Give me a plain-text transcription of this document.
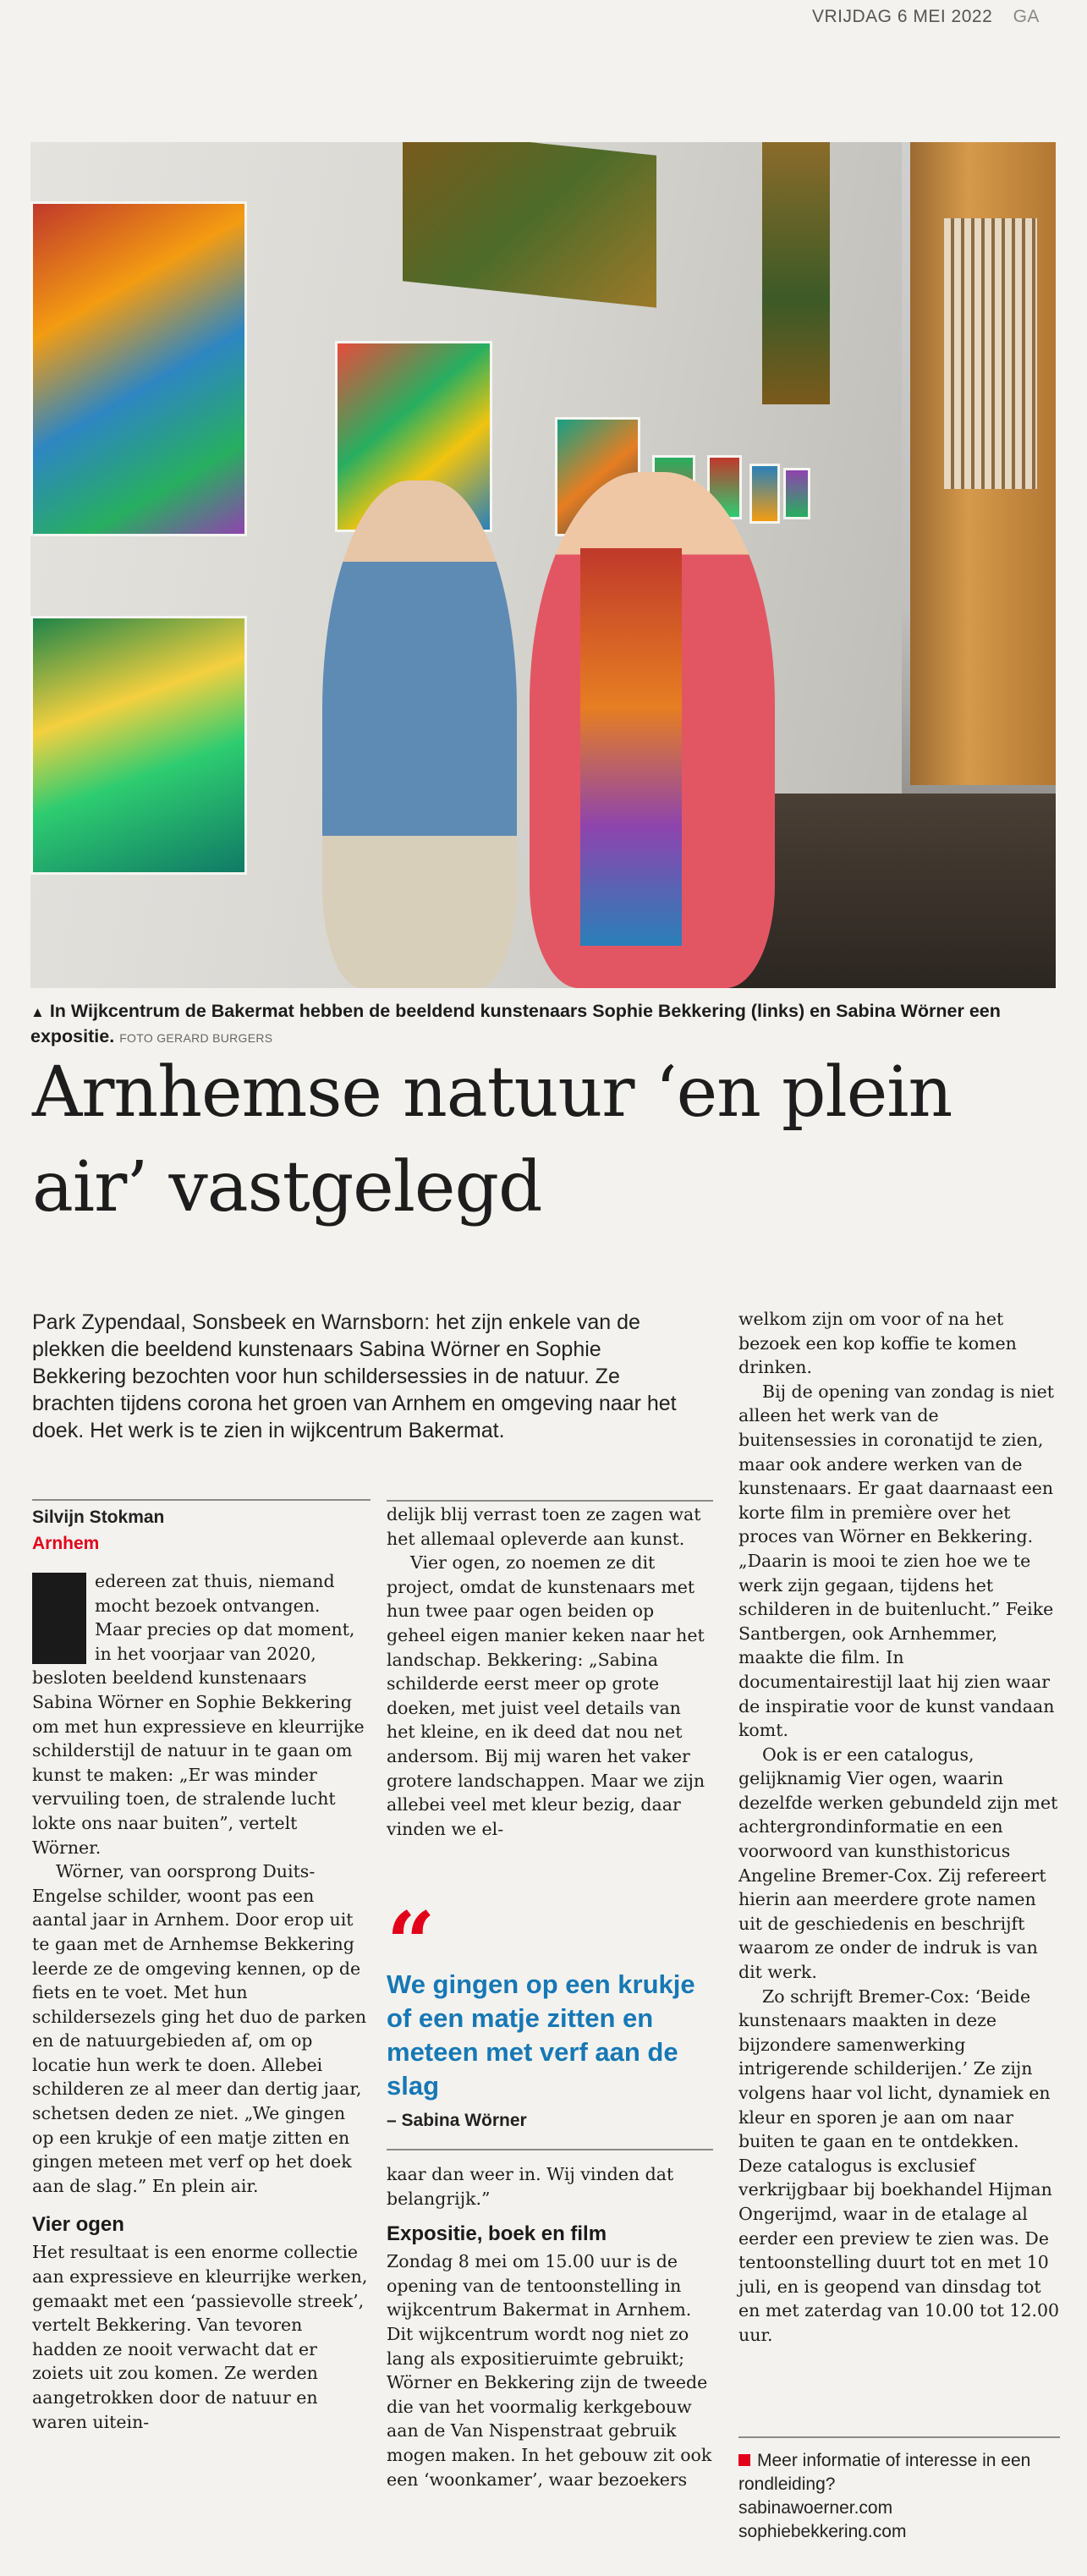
VRIJDAG 6 MEI 2022 GA
▲ In Wijkcentrum de Bakermat hebben de beeldend kunstenaars Sophie Bekkering (links) en Sabina Wörner een expositie. FOTO GERARD BURGERS
Arnhemse natuur ‘en plein air’ vastgelegd

Park Zypendaal, Sonsbeek en Warnsborn: het zijn enkele van de plekken die beeldend kunstenaars Sabina Wörner en Sophie Bekkering bezochten voor hun schildersessies in de natuur. Ze brachten tijdens corona het groen van Arnhem en omgeving naar het doek. Het werk is te zien in wijkcentrum Bakermat.

Silvijn Stokman
Arnhem

edereen zat thuis, niemand mocht bezoek ontvangen. Maar precies op dat moment, in het voorjaar van 2020, besloten beeldend kunstenaars Sabina Wörner en Sophie Bekkering om met hun expressieve en kleurrijke schilderstijl de natuur in te gaan om kunst te maken: „Er was minder vervuiling toen, de stralende lucht lokte ons naar buiten”, vertelt Wörner.

Wörner, van oorsprong Duits-Engelse schilder, woont pas een aantal jaar in Arnhem. Door erop uit te gaan met de Arnhemse Bekkering leerde ze de omgeving kennen, op de fiets en te voet. Met hun schildersezels ging het duo de parken en de natuurgebieden af, om op locatie hun werk te doen. Allebei schilderen ze al meer dan dertig jaar, schetsen deden ze niet. „We gingen op een krukje of een matje zitten en gingen meteen met verf op het doek aan de slag.” En plein air.

Vier ogen

Het resultaat is een enorme collectie aan expressieve en kleurrijke werken, gemaakt met een ‘passievolle streek’, vertelt Bekkering. Van tevoren hadden ze nooit verwacht dat er zoiets uit zou komen. Ze werden aangetrokken door de natuur en waren uitein-

delijk blij verrast toen ze zagen wat het allemaal opleverde aan kunst.

Vier ogen, zo noemen ze dit project, omdat de kunstenaars met hun twee paar ogen beiden op geheel eigen manier keken naar het landschap. Bekkering: „Sabina schilderde eerst meer op grote doeken, met juist veel details van het kleine, en ik deed dat nou net andersom. Bij mij waren het vaker grotere landschappen. Maar we zijn allebei veel met kleur bezig, daar vinden we el-

“
We gingen op een krukje of een matje zitten en meteen met verf aan de slag
– Sabina Wörner

kaar dan weer in. Wij vinden dat belangrijk.”

Expositie, boek en film

Zondag 8 mei om 15.00 uur is de opening van de tentoonstelling in wijkcentrum Bakermat in Arnhem. Dit wijkcentrum wordt nog niet zo lang als expositieruimte gebruikt; Wörner en Bekkering zijn de tweede die van het voormalig kerkgebouw aan de Van Nispenstraat gebruik mogen maken. In het gebouw zit ook een ‘woonkamer’, waar bezoekers

welkom zijn om voor of na het bezoek een kop koffie te komen drinken.

Bij de opening van zondag is niet alleen het werk van de buitensessies in coronatijd te zien, maar ook andere werken van de kunstenaars. Er gaat daarnaast een korte film in première over het proces van Wörner en Bekkering. „Daarin is mooi te zien hoe we te werk zijn gegaan, tijdens het schilderen in de buitenlucht.” Feike Santbergen, ook Arnhemmer, maakte die film. In documentairestijl laat hij zien waar de inspiratie voor de kunst vandaan komt.

Ook is er een catalogus, gelijknamig Vier ogen, waarin dezelfde werken gebundeld zijn met achtergrondinformatie en een voorwoord van kunsthistoricus Angeline Bremer-Cox. Zij refereert hierin aan meerdere grote namen uit de geschiedenis en beschrijft waarom ze onder de indruk is van dit werk.

Zo schrijft Bremer-Cox: ‘Beide kunstenaars maakten in deze bijzondere samenwerking intrigerende schilderijen.’ Ze zijn volgens haar vol licht, dynamiek en kleur en sporen je aan om naar buiten te gaan en te ontdekken. Deze catalogus is exclusief verkrijgbaar bij boekhandel Hijman Ongerijmd, waar in de etalage al eerder een preview te zien was. De tentoonstelling duurt tot en met 10 juli, en is geopend van dinsdag tot en met zaterdag van 10.00 tot 12.00 uur.

Meer informatie of interesse in een rondleiding?
sabinawoerner.com
sophiebekkering.com
